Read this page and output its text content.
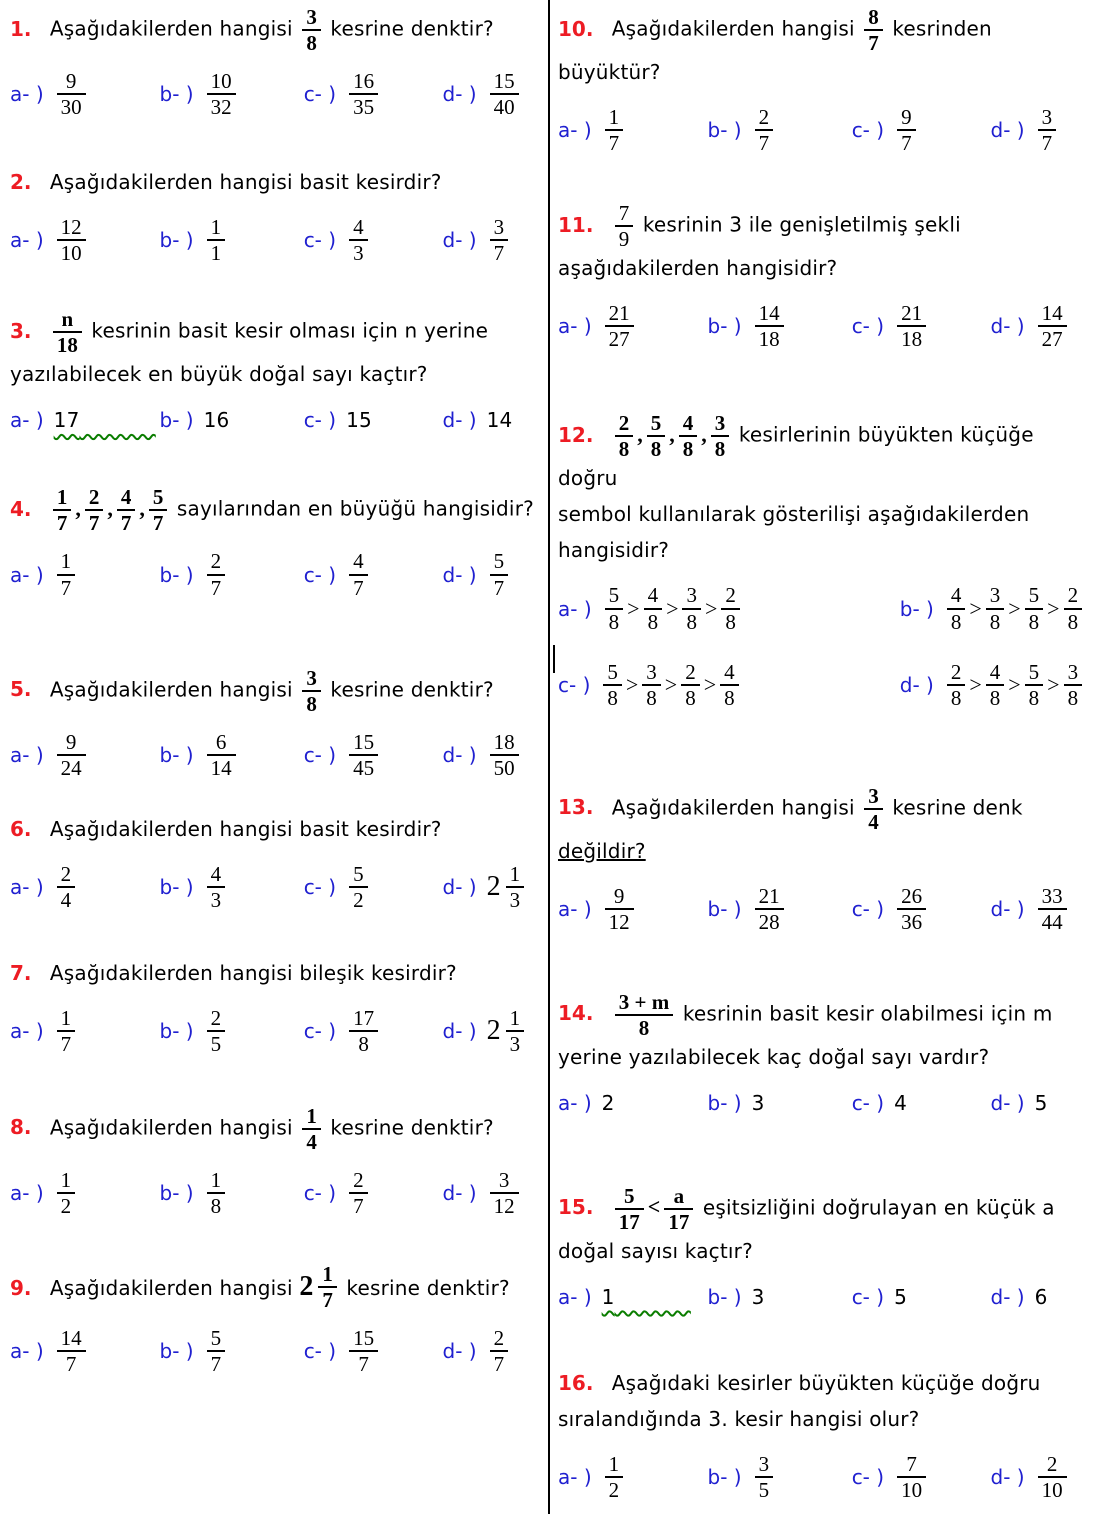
1. Aşağıdakilerden hangisi $\frac{3}{8}$ kesrine denktir?
a- ) $\frac{9}{30}$	b- ) $\frac{10}{32}$	c- ) $\frac{16}{35}$	d- ) $\frac{15}{40}$
2. Aşağıdakilerden hangisi basit kesirdir?
a- ) $\frac{12}{10}$	b- ) $\frac{1}{1}$	c- ) $\frac{4}{3}$	d- ) $\frac{3}{7}$
3. $\frac{n}{18}$ kesrinin basit kesir olması için n yerine
yazılabilecek en büyük doğal sayı kaçtır?
a- ) 17
	b- ) 16	c- ) 15	d- ) 14
4. $\frac{1}{7}$ , $\frac{2}{7}$ , $\frac{4}{7}$ , $\frac{5}{7}$ sayılarından en büyüğü hangisidir?
a- ) $\frac{1}{7}$	b- ) $\frac{2}{7}$	c- ) $\frac{4}{7}$	d- ) $\frac{5}{7}$
5. Aşağıdakilerden hangisi $\frac{3}{8}$ kesrine denktir?
a- ) $\frac{9}{24}$	b- ) $\frac{6}{14}$	c- ) $\frac{15}{45}$	d- ) $\frac{18}{50}$
6. Aşağıdakilerden hangisi basit kesirdir?
a- ) $\frac{2}{4}$	b- ) $\frac{4}{3}$	c- ) $\frac{5}{2}$	d- ) $2 \frac{1}{3}$
7. Aşağıdakilerden hangisi bileşik kesirdir?
a- ) $\frac{1}{7}$	b- ) $\frac{2}{5}$	c- ) $\frac{17}{8}$	d- ) $2 \frac{1}{3}$
8. Aşağıdakilerden hangisi $\frac{1}{4}$ kesrine denktir?
a- ) $\frac{1}{2}$	b- ) $\frac{1}{8}$	c- ) $\frac{2}{7}$	d- ) $\frac{3}{12}$
9. Aşağıdakilerden hangisi $2 \frac{1}{7}$ kesrine denktir?
a- ) $\frac{14}{7}$	b- ) $\frac{5}{7}$	c- ) $\frac{15}{7}$	d- ) $\frac{2}{7}$
10. Aşağıdakilerden hangisi $\frac{8}{7}$ kesrinden büyüktür?
a- ) $\frac{1}{7}$	b- ) $\frac{2}{7}$	c- ) $\frac{9}{7}$	d- ) $\frac{3}{7}$
11. $\frac{7}{9}$ kesrinin 3 ile genişletilmiş şekli
aşağıdakilerden hangisidir?
a- ) $\frac{21}{27}$	b- ) $\frac{14}{18}$	c- ) $\frac{21}{18}$	d- ) $\frac{14}{27}$
12. $\frac{2}{8}$ , $\frac{5}{8}$ , $\frac{4}{8}$ , $\frac{3}{8}$ kesirlerinin büyükten küçüğe doğru
sembol kullanılarak gösterilişi aşağıdakilerden
hangisidir?
a- ) $\frac{5}{8} > \frac{4}{8} > \frac{3}{8} > \frac{2}{8}$	b- ) $\frac{4}{8} > \frac{3}{8} > \frac{5}{8} > \frac{2}{8}$
c- ) $\frac{5}{8} > \frac{3}{8} > \frac{2}{8} > \frac{4}{8}$	d- ) $\frac{2}{8} > \frac{4}{8} > \frac{5}{8} > \frac{3}{8}$
13. Aşağıdakilerden hangisi $\frac{3}{4}$ kesrine denk
değildir?
a- ) $\frac{9}{12}$	b- ) $\frac{21}{28}$	c- ) $\frac{26}{36}$	d- ) $\frac{33}{44}$
14. $\frac{3 + m}{8}$ kesrinin basit kesir olabilmesi için m
yerine yazılabilecek kaç doğal sayı vardır?
a- ) 2	b- ) 3	c- ) 4	d- ) 5
15. $\frac{5}{17} < \frac{a}{17}$ eşitsizliğini doğrulayan en küçük a
doğal sayısı kaçtır?
a- ) 1
	b- ) 3	c- ) 5	d- ) 6
16. Aşağıdaki kesirler büyükten küçüğe doğru
sıralandığında 3. kesir hangisi olur?
a- ) $\frac{1}{2}$	b- ) $\frac{3}{5}$	c- ) $\frac{7}{10}$	d- ) $\frac{2}{10}$
